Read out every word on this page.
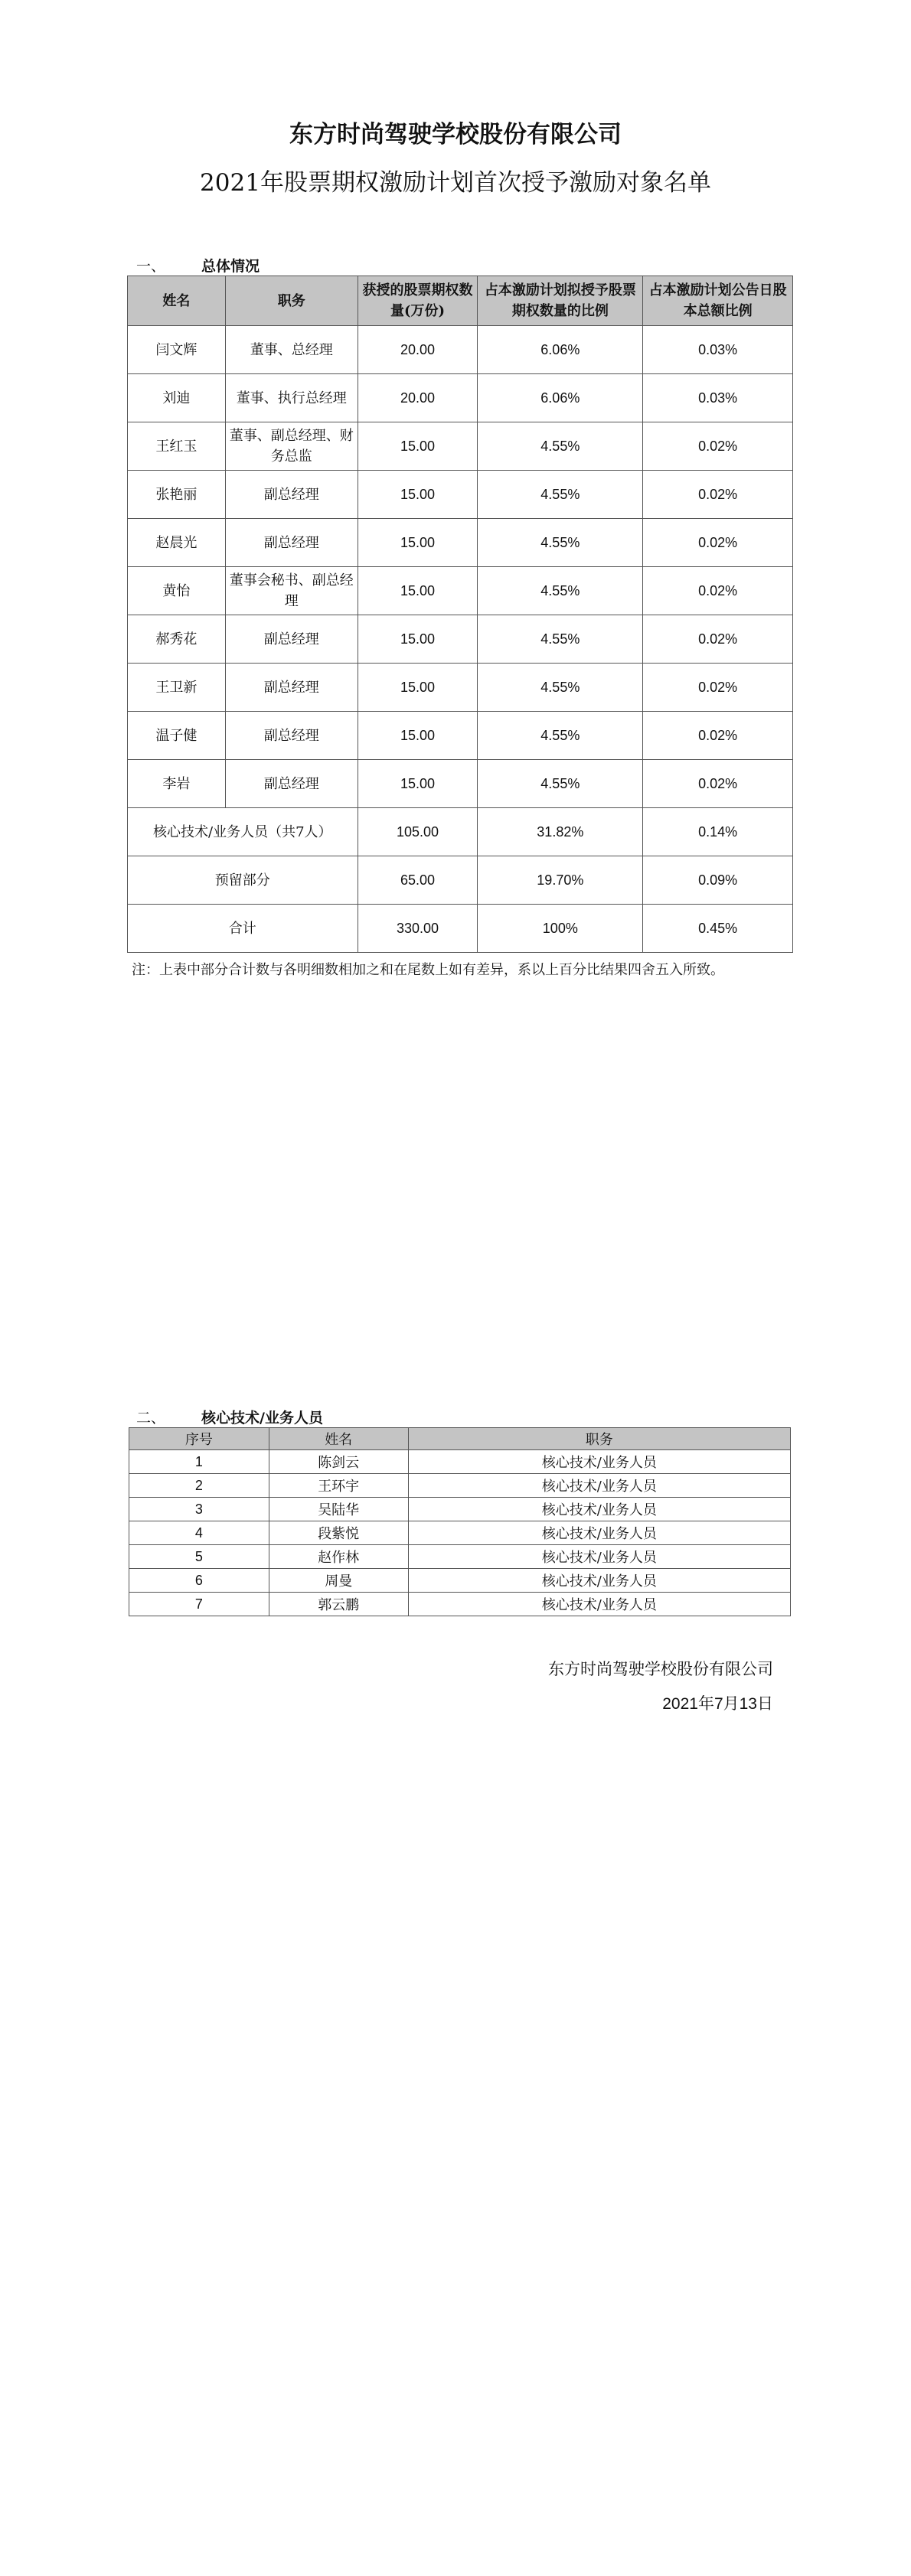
东方时尚驾驶学校股份有限公司
2021年股票期权激励计划首次授予激励对象名单
一、 总体情况
姓名	职务	获授的股票期权数量(万份)	占本激励计划拟授予股票期权数量的比例	占本激励计划公告日股本总额比例
闫文辉	董事、总经理	20.00	6.06%	0.03%
刘迪	董事、执行总经理	20.00	6.06%	0.03%
王红玉	董事、副总经理、财务总监	15.00	4.55%	0.02%
张艳丽	副总经理	15.00	4.55%	0.02%
赵晨光	副总经理	15.00	4.55%	0.02%
黄怡	董事会秘书、副总经理	15.00	4.55%	0.02%
郝秀花	副总经理	15.00	4.55%	0.02%
王卫新	副总经理	15.00	4.55%	0.02%
温子健	副总经理	15.00	4.55%	0.02%
李岩	副总经理	15.00	4.55%	0.02%
核心技术/业务人员（共7人）		105.00	31.82%	0.14%
预留部分		65.00	19.70%	0.09%
合计		330.00	100%	0.45%
注：上表中部分合计数与各明细数相加之和在尾数上如有差异，系以上百分比结果四舍五入所致。
二、 核心技术/业务人员
序号	姓名	职务
1	陈剑云	核心技术/业务人员
2	王环宇	核心技术/业务人员
3	吴陆华	核心技术/业务人员
4	段紫悦	核心技术/业务人员
5	赵作林	核心技术/业务人员
6	周曼	核心技术/业务人员
7	郭云鹏	核心技术/业务人员
东方时尚驾驶学校股份有限公司
2021年7月13日
